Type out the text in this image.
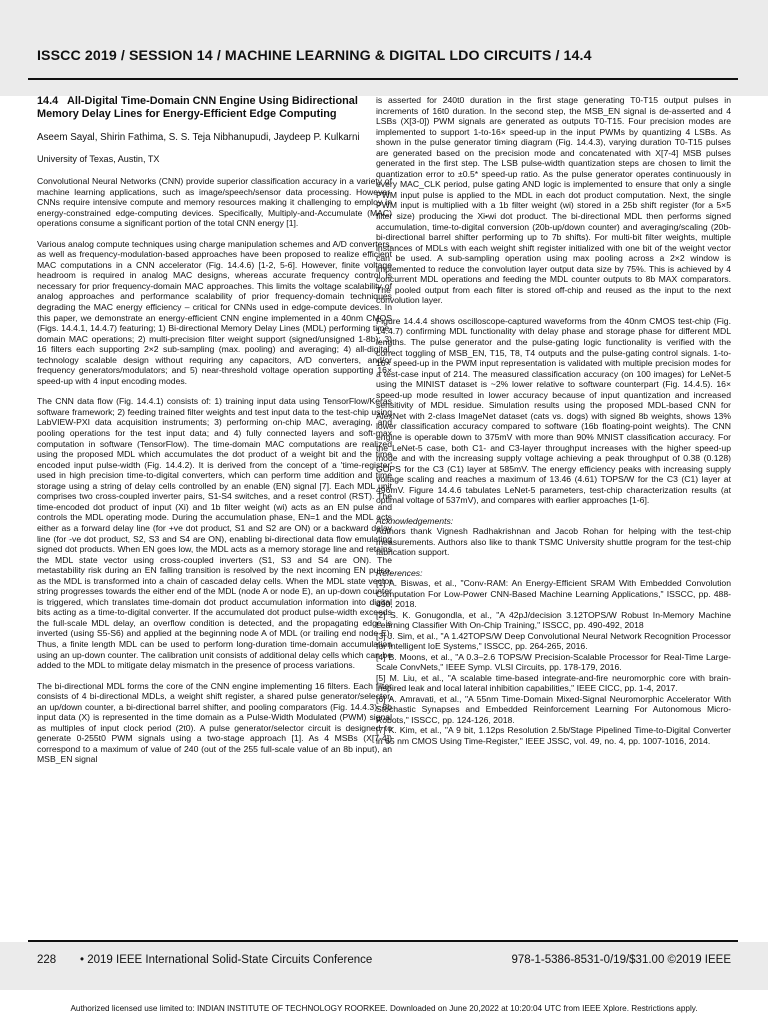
ISSCC 2019 / SESSION 14 / MACHINE LEARNING & DIGITAL LDO CIRCUITS / 14.4

14.4 All-Digital Time-Domain CNN Engine Using Bidirectional Memory Delay Lines for Energy-Efficient Edge Computing

Aseem Sayal, Shirin Fathima, S. S. Teja Nibhanupudi, Jaydeep P. Kulkarni
University of Texas, Austin, TX

Convolutional Neural Networks (CNN) provide superior classification accuracy in a variety of machine learning applications, such as image/speech/sensor data processing. However, CNNs require intensive compute and memory resources making it challenging to employ in energy-constrained edge-computing devices. Specifically, Multiply-and-Accumulate (MAC) operations consume a significant portion of the total CNN energy [1].

Various analog compute techniques using charge manipulation schemes and A/D converters, as well as frequency-modulation-based approaches have been proposed to realize efficient MAC computations in a CNN accelerator (Fig. 14.4.6) [1-2, 5-6]. However, finite voltage headroom is required in analog MAC designs, whereas accurate frequency control is necessary for prior frequency-domain MAC approaches. This limits the voltage scalability of analog approaches and performance scalability of prior frequency-domain techniques degrading the MAC energy efficiency – critical for CNNs used in edge-compute devices. In this paper, we demonstrate an energy-efficient CNN engine implemented in a 40nm CMOS (Figs. 14.4.1, 14.4.7) featuring; 1) Bi-directional Memory Delay Lines (MDL) performing time-domain MAC operations; 2) multi-precision filter weight support (signed/unsigned 1-8b); 3) 16 filters each supporting 2×2 sub-sampling (max. pooling) and averaging; 4) all-digital, technology scalable design without requiring any capacitors, A/D converters, and/or frequency generators/modulators; and 5) near-threshold voltage operation supporting 16× speed-up with 4 input encoding modes.

The CNN data flow (Fig. 14.4.1) consists of: 1) training input data using TensorFlow/Keras software framework; 2) feeding trained filter weights and test input data to the test-chip using LabVIEW-PXI data acquisition instruments; 3) performing on-chip MAC, averaging, and pooling operations for the test input data; and 4) fully connected layers and soft-max computation in software (TensorFlow). The time-domain MAC computations are realized using the proposed MDL which accumulates the dot product of a weight bit and the time encoded input pulse-width (Fig. 14.4.2). It is derived from the concept of a 'time-register' used in high precision time-to-digital converters, which can perform time addition and time storage using a string of delay cells controlled by an enable (EN) signal [7]. Each MDL unit comprises two cross-coupled inverter pairs, S1-S4 switches, and a reset control (RST). The time-encoded dot product of input (Xi) and 1b filter weight (wi) acts as an EN pulse and controls the MDL operating mode. During the accumulation phase, EN=1 and the MDL acts either as a forward delay line (for +ve dot product, S1 and S2 are ON) or a backward delay line (for -ve dot product, S2, S3 and S4 are ON), enabling bi-directional data flow emulating signed dot products. When EN goes low, the MDL acts as a memory storage line and retains the MDL state vector using cross-coupled inverters (S1, S3 and S4 are ON). The metastability risk during an EN falling transition is resolved by the next incoming EN pulse, as the MDL is transformed into a chain of cascaded delay cells. When the MDL state vector string progresses towards the either end of the MDL (node A or node E), an up-down counter is triggered, which translates time-domain dot product accumulation information into digital bits acting as a time-to-digital converter. If the accumulated dot product pulse-width exceeds the full-scale MDL delay, an overflow condition is detected, and the propagating edge is inverted (using S5-S6) and applied at the beginning node A of MDL (or trailing end node E). Thus, a finite length MDL can be used to perform long-duration time-domain accumulation using an up-down counter. The calibration unit consists of additional delay cells which can be added to the MDL to mitigate delay mismatch in the presence of process variations.

The bi-directional MDL forms the core of the CNN engine implementing 16 filters. Each filter consists of 4 bi-directional MDLs, a weight shift register, a shared pulse generator/selector, an up/down counter, a bi-directional barrel shifter, and pooling comparators (Fig. 14.4.3). 8b input data (X) is represented in the time domain as a Pulse-Width Modulated (PWM) signal as multiples of input clock period (2t0). A pulse generator/selector circuit is designed to generate 0-255t0 PWM signals using a two-stage approach [1]. As 4 MSBs (X[7-4]) correspond to a maximum of value of 240 (out of the 255 full-scale value of an 8b input), an MSB_EN signal

is asserted for 240t0 duration in the first stage generating T0-T15 output pulses in increments of 16t0 duration. In the second step, the MSB_EN signal is de-asserted and 4 LSBs (X[3-0]) PWM signals are generated as outputs T0-T15. Four precision modes are implemented to support 1-to-16× speed-up in the input PWMs by quantizing 4 LSBs. As shown in the pulse generator timing diagram (Fig. 14.4.3), varying duration T0-T15 pulses are generated based on the precision mode and concatenated with X[7-4] MSB pulses generated in the first step. The LSB pulse-width quantization steps are chosen to limit the quantization error to ±0.5* speed-up ratio. As the pulse generator operates continuously in every MAC_CLK period, pulse gating AND logic is implemented to ensure that only a single PWM input pulse is applied to the MDL in each dot product computation. Next, the single PWM input is multiplied with a 1b filter weight (wi) stored in a 25b shift register (for a 5×5 filter size) producing the Xi•wi dot product. The bi-directional MDL then performs signed accumulation, time-to-digital conversion (20b-up/down counter) and averaging/scaling (20b-bi-directional barrel shifter performing up to 7b shifts). For multi-bit filter weights, multiple instances of MDLs with each weight shift register initialized with one bit of the weight vector can be used. A sub-sampling operation using max pooling across a 2×2 window is implemented to reduce the convolution layer output data size by 75%. This is achieved by 4 concurrent MDL operations and feeding the MDL counter outputs to 8b MAX comparators. The pooled output from each filter is stored off-chip and reused as the input to the next convolution layer.

Figure 14.4.4 shows oscilloscope-captured waveforms from the 40nm CMOS test-chip (Fig. 14.4.7) confirming MDL functionality with delay phase and storage phase for different MDL lengths. The pulse generator and the pulse-gating logic functionality is verified with the correct toggling of MSB_EN, T15, T8, T4 outputs and the pulse-gating control signals. 1-to-16× speed-up in the PWM input representation is validated with multiple precision modes for a test-case input of 214. The measured classification accuracy (on 100 images) for LeNet-5 using the MINIST dataset is ~2% lower relative to software counterpart (Fig. 14.4.5). 16× speed-up mode resulted in lower accuracy because of input quantization and increased sensitivity of MDL residue. Simulation results using the proposed MDL-based CNN for AlexNet with 2-class ImageNet dataset (cats vs. dogs) with signed 8b weights, shows 13% lower classification accuracy compared to software (16b floating-point weights). The CNN engine is operable down to 375mV with more than 90% MNIST classification accuracy. For the LeNet-5 case, both C1- and C3-layer throughput increases with the higher speed-up mode and with the increasing supply voltage achieving a peak throughput of 0.38 (0.128) GOPS for the C3 (C1) layer at 585mV. The energy efficiency peaks with increasing supply voltage scaling and reaches a maximum of 13.46 (4.61) TOPS/W for the C3 (C1) layer at 496mV. Figure 14.4.6 tabulates LeNet-5 parameters, test-chip characterization results (at optimal voltage of 537mV), and compares with earlier approaches [1-6].

Acknowledgements:

Authors thank Vignesh Radhakrishnan and Jacob Rohan for helping with the test-chip measurements. Authors also like to thank TSMC University shuttle program for the test-chip fabrication support.

References:

[1] A. Biswas, et al., "Conv-RAM: An Energy-Efficient SRAM With Embedded Convolution Computation For Low-Power CNN-Based Machine Learning Applications," ISSCC, pp. 488-490, 2018.
[2] S. K. Gonugondla, et al., "A 42pJ/decision 3.12TOPS/W Robust In-Memory Machine Learning Classifier With On-Chip Training," ISSCC, pp. 490-492, 2018
[3] J. Sim, et al., "A 1.42TOPS/W Deep Convolutional Neural Network Recognition Processor for Intelligent IoE Systems," ISSCC, pp. 264-265, 2016.
[4] B. Moons, et al., "A 0.3–2.6 TOPS/W Precision-Scalable Processor for Real-Time Large-Scale ConvNets," IEEE Symp. VLSI Circuits, pp. 178-179, 2016.
[5] M. Liu, et al., "A scalable time-based integrate-and-fire neuromorphic core with brain-inspired leak and local lateral inhibition capabilities," IEEE CICC, pp. 1-4, 2017.
[6] A. Amravati, et al., "A 55nm Time-Domain Mixed-Signal Neuromorphic Accelerator With Stochastic Synapses and Embedded Reinforcement Learning For Autonomous Micro-Robots," ISSCC, pp. 124-126, 2018.
[7] K. Kim, et al., "A 9 bit, 1.12ps Resolution 2.5b/Stage Pipelined Time-to-Digital Converter in 65 nm CMOS Using Time-Register," IEEE JSSC, vol. 49, no. 4, pp. 1007-1016, 2014.
228 • 2019 IEEE International Solid-State Circuits Conference	978-1-5386-8531-0/19/$31.00 ©2019 IEEE
Authorized licensed use limited to: INDIAN INSTITUTE OF TECHNOLOGY ROORKEE. Downloaded on June 20,2022 at 10:20:04 UTC from IEEE Xplore. Restrictions apply.
